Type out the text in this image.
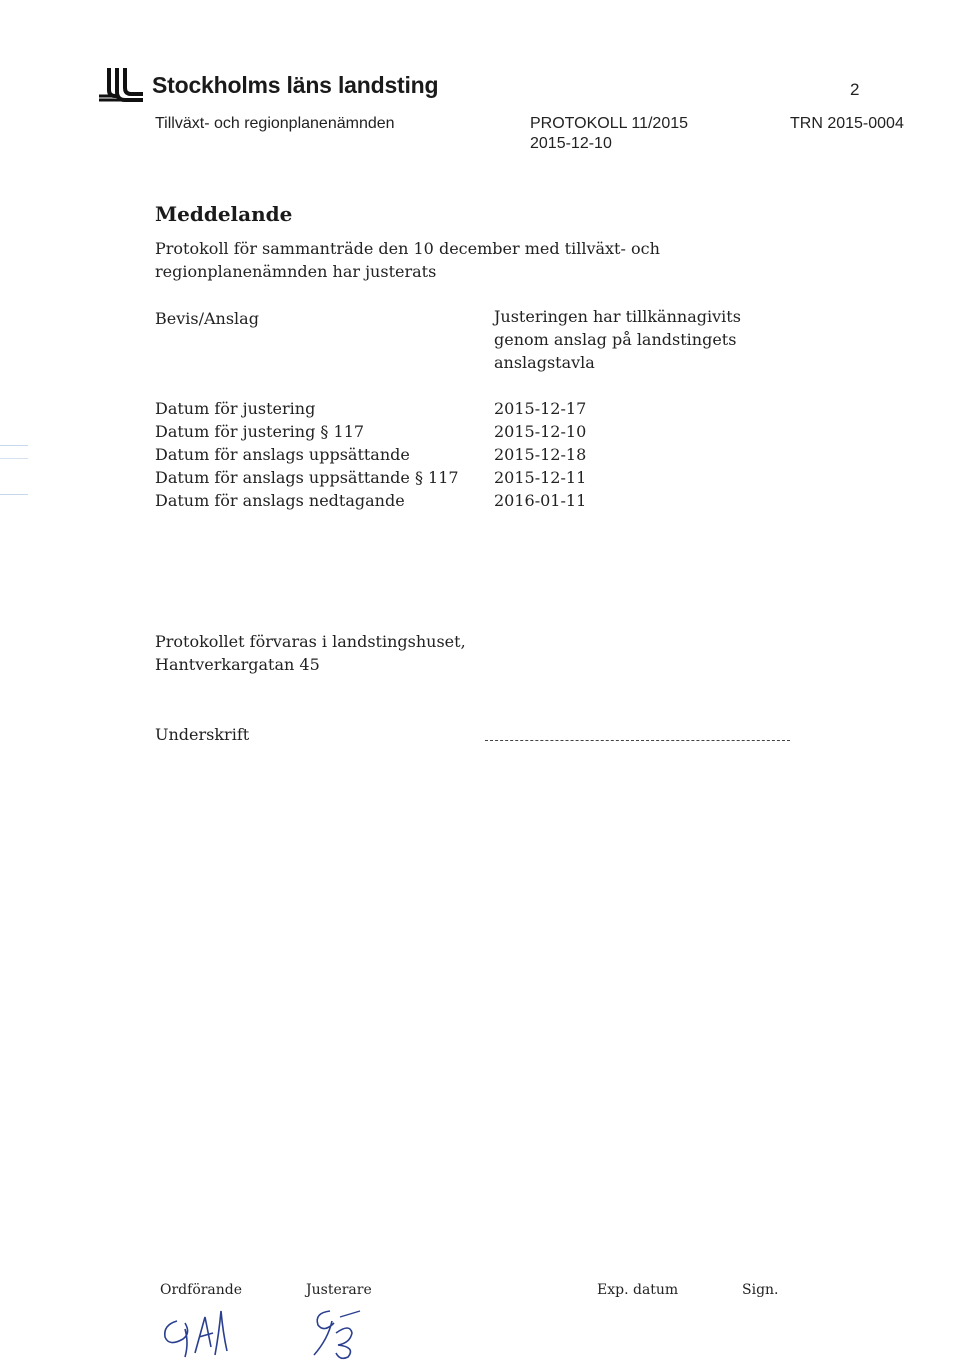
Stockholms läns landsting	2
Tillväxt- och regionplanenämnden	PROTOKOLL 11/2015
2015-12-10
TRN 2015-0004
Meddelande
Protokoll för sammanträde den 10 december med tillväxt- och
regionplanenämnden har justerats
Bevis/Anslag	Justeringen har tillkännagivits
genom anslag på landstingets
anslagstavla
Datum för justering	2015-12-17
Datum för justering § 117	2015-12-10
Datum för anslags uppsättande	2015-12-18
Datum för anslags uppsättande § 117 2015-12-11
Datum för anslags nedtagande	2016-01-11
Protokollet förvaras i landstingshuset,
Hantverkargatan 45
Underskrift
Ordförande	Justerare	Exp. datum	Sign.
